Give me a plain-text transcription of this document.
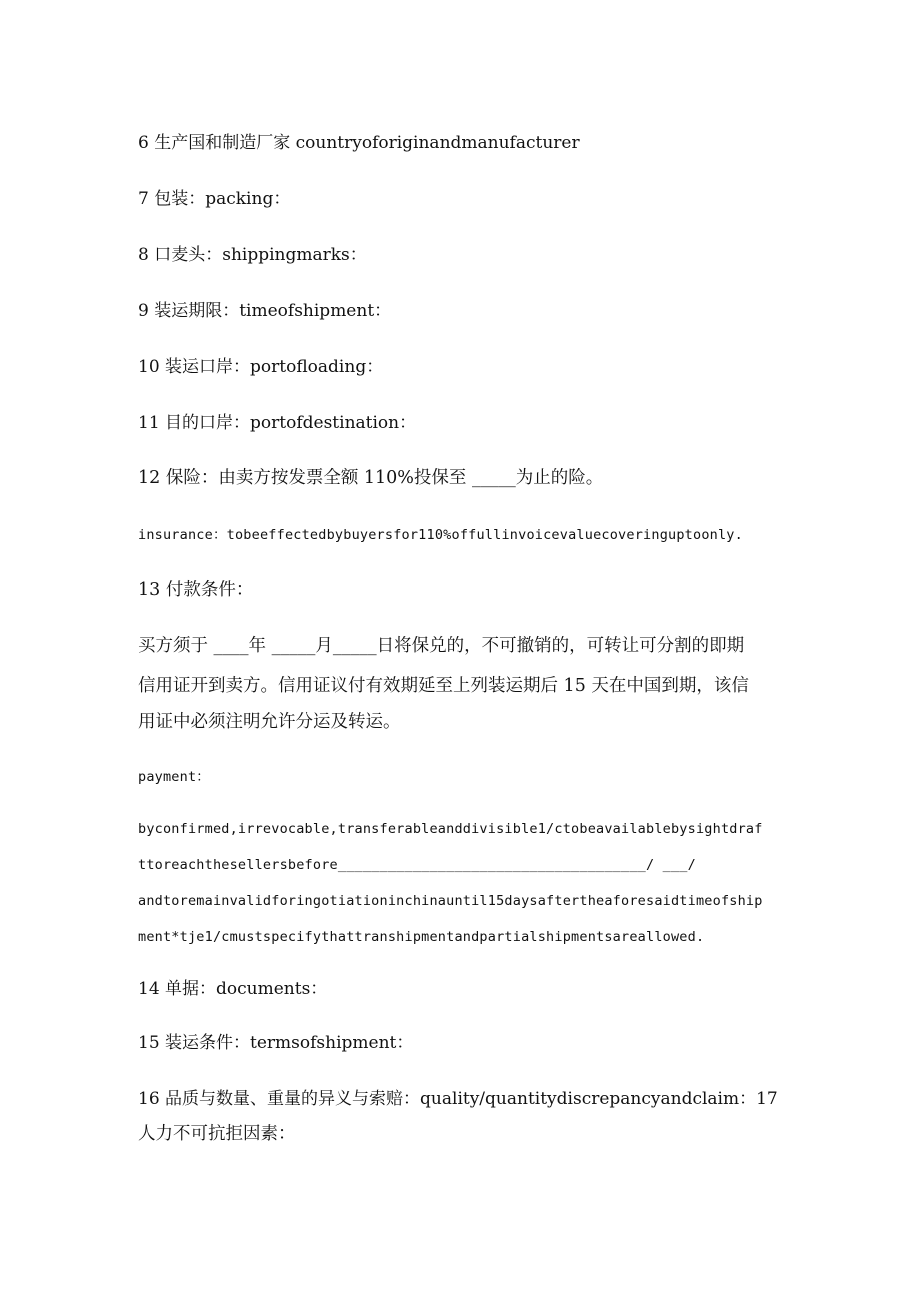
6 生产国和制造厂家 countryoforiginandmanufacturer
7 包装：packing：
8 口麦头：shippingmarks：
9 装运期限：timeofshipment：
10 装运口岸：portofloading：
11 目的口岸：portofdestination：
12 保险：由卖方按发票全额 110%投保至 _____为止的险。
insurance：tobeeffectedbybuyersfor110%offullinvoicevaluecoveringuptoonly.
13 付款条件：
买方须于 ____年 _____月_____日将保兑的，不可撤销的，可转让可分割的即期
信用证开到卖方。信用证议付有效期延至上列装运期后 15 天在中国到期，该信
用证中必须注明允许分运及转运。
payment：
byconfirmed,irrevocable,transferableanddivisible1/ctobeavailablebysightdraf
ttoreachthesellersbefore_____________________________________/ ___/
andtoremainvalidforingotiationinchinauntil15daysaftertheaforesaidtimeofship
ment*tje1/cmustspecifythattranshipmentandpartialshipmentsareallowed.
14 单据：documents：
15 装运条件：termsofshipment：
16 品质与数量、重量的异义与索赔：quality/quantitydiscrepancyandclaim：17
人力不可抗拒因素：
